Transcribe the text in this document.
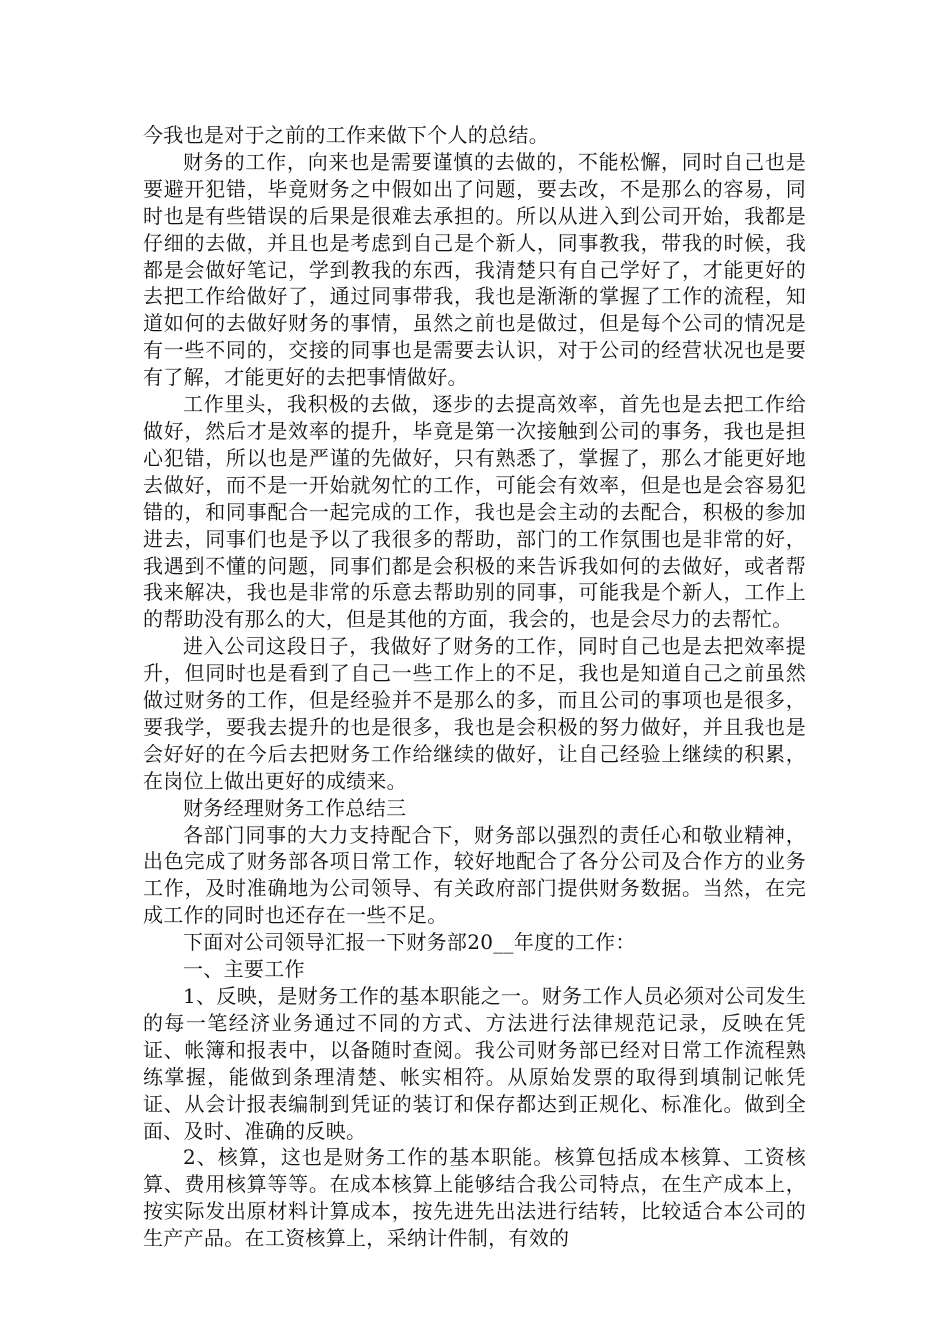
今我也是对于之前的工作来做下个人的总结。

财务的工作，向来也是需要谨慎的去做的，不能松懈，同时自己也是要避开犯错，毕竟财务之中假如出了问题，要去改，不是那么的容易，同时也是有些错误的后果是很难去承担的。所以从进入到公司开始，我都是仔细的去做，并且也是考虑到自己是个新人，同事教我，带我的时候，我都是会做好笔记，学到教我的东西，我清楚只有自己学好了，才能更好的去把工作给做好了，通过同事带我，我也是渐渐的掌握了工作的流程，知道如何的去做好财务的事情，虽然之前也是做过，但是每个公司的情况是有一些不同的，交接的同事也是需要去认识，对于公司的经营状况也是要有了解，才能更好的去把事情做好。

工作里头，我积极的去做，逐步的去提高效率，首先也是去把工作给做好，然后才是效率的提升，毕竟是第一次接触到公司的事务，我也是担心犯错，所以也是严谨的先做好，只有熟悉了，掌握了，那么才能更好地去做好，而不是一开始就匆忙的工作，可能会有效率，但是也是会容易犯错的，和同事配合一起完成的工作，我也是会主动的去配合，积极的参加进去，同事们也是予以了我很多的帮助，部门的工作氛围也是非常的好，我遇到不懂的问题，同事们都是会积极的来告诉我如何的去做好，或者帮我来解决，我也是非常的乐意去帮助别的同事，可能我是个新人，工作上的帮助没有那么的大，但是其他的方面，我会的，也是会尽力的去帮忙。

进入公司这段日子，我做好了财务的工作，同时自己也是去把效率提升，但同时也是看到了自己一些工作上的不足，我也是知道自己之前虽然做过财务的工作，但是经验并不是那么的多，而且公司的事项也是很多，要我学，要我去提升的也是很多，我也是会积极的努力做好，并且我也是会好好的在今后去把财务工作给继续的做好，让自己经验上继续的积累，在岗位上做出更好的成绩来。

财务经理财务工作总结三

各部门同事的大力支持配合下，财务部以强烈的责任心和敬业精神，出色完成了财务部各项日常工作，较好地配合了各分公司及合作方的业务工作，及时准确地为公司领导、有关政府部门提供财务数据。当然，在完成工作的同时也还存在一些不足。

下面对公司领导汇报一下财务部20__年度的工作：

一、主要工作

1、反映，是财务工作的基本职能之一。财务工作人员必须对公司发生的每一笔经济业务通过不同的方式、方法进行法律规范记录，反映在凭证、帐簿和报表中，以备随时查阅。我公司财务部已经对日常工作流程熟练掌握，能做到条理清楚、帐实相符。从原始发票的取得到填制记帐凭证、从会计报表编制到凭证的装订和保存都达到正规化、标准化。做到全面、及时、准确的反映。

2、核算，这也是财务工作的基本职能。核算包括成本核算、工资核算、费用核算等等。在成本核算上能够结合我公司特点，在生产成本上，按实际发出原材料计算成本，按先进先出法进行结转，比较适合本公司的生产产品。在工资核算上，采纳计件制，有效的
